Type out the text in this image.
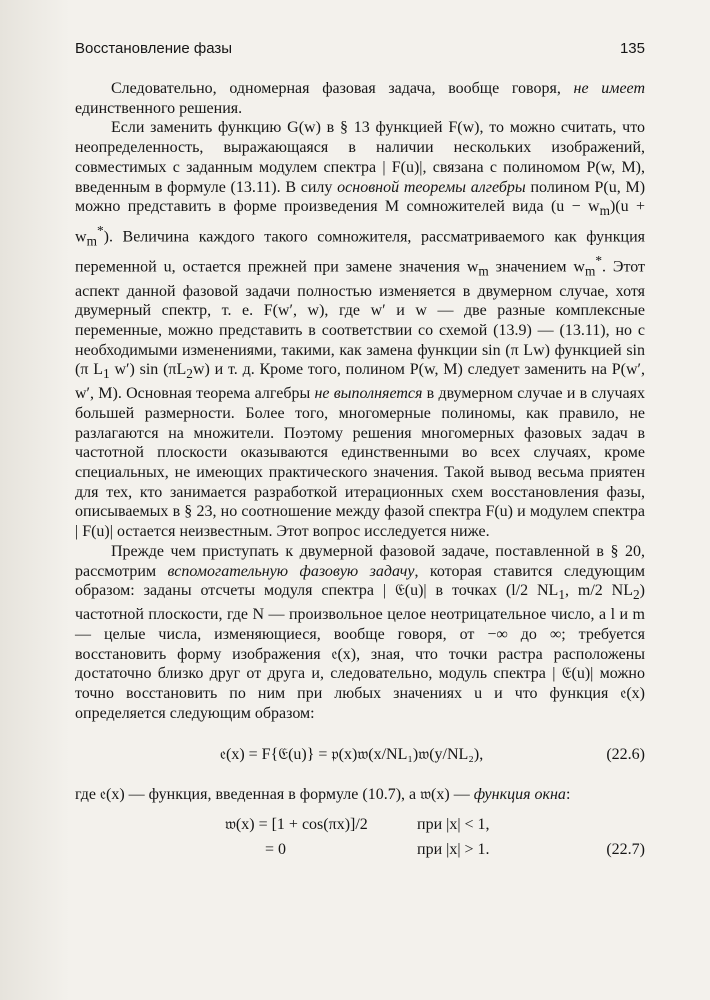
Восстановление фазы	135

Следовательно, одномерная фазовая задача, вообще говоря, не имеет единственного решения.

Если заменить функцию G(w) в § 13 функцией F(w), то можно считать, что неопределенность, выражающаяся в наличии нескольких изображений, совместимых с заданным модулем спектра | F(u)|, связана с полиномом P(w, M), введенным в формуле (13.11). В силу основной теоремы алгебры полином P(u, M) можно представить в форме произведения M сомножителей вида $(u - w_m)(u + w_m^*)$. Величина каждого такого сомножителя, рассматриваемого как функция переменной u, остается прежней при замене значения $w_m$ значением $w_m^*$. Этот аспект данной фазовой задачи полностью изменяется в двумерном случае, хотя двумерный спектр, т. е. F(w′, w), где w′ и w — две разные комплексные переменные, можно представить в соответствии со схемой (13.9) — (13.11), но с необходимыми изменениями, такими, как замена функции sin (π Lw) функцией sin (π $L_1$ w′) $\sin (\pi L_2w)$ и т. д. Кроме того, полином P(w, M) следует заменить на P(w′, w′, M). Основная теорема алгебры не выполняется в двумерном случае и в случаях большей размерности. Более того, многомерные полиномы, как правило, не разлагаются на множители. Поэтому решения многомерных фазовых задач в частотной плоскости оказываются единственными во всех случаях, кроме специальных, не имеющих практического значения. Такой вывод весьма приятен для тех, кто занимается разработкой итерационных схем восстановления фазы, описываемых в § 23, но соотношение между фазой спектра F(u) и модулем спектра | F(u)| остается неизвестным. Этот вопрос исследуется ниже.

Прежде чем приступать к двумерной фазовой задаче, поставленной в § 20, рассмотрим вспомогательную фазовую задачу, которая ставится следующим образом: заданы отсчеты модуля спектра | 𝔈(u)| в точках (l/2 $NL_1$, m/2 $NL_2$) частотной плоскости, где N — произвольное целое неотрицательное число, а l и m — целые числа, изменяющиеся, вообще говоря, от −∞ до ∞; требуется восстановить форму изображения 𝔢(x), зная, что точки растра расположены достаточно близко друг от друга и, следовательно, модуль спектра | 𝔈(u)| можно точно восстановить по ним при любых значениях u и что функция 𝔢(x) определяется следующим образом:

𝔢(x) = F{𝔈(u)} = 𝔭(x)𝔴(x/NL₁)𝔴(y/NL₂),	(22.6)

где 𝔢(x) — функция, введенная в формуле (10.7), а 𝔴(x) — функция окна:

𝔴(x) = [1 + cos(πx)]/2	при |x| < 1,
= 0	при |x| > 1.	(22.7)
